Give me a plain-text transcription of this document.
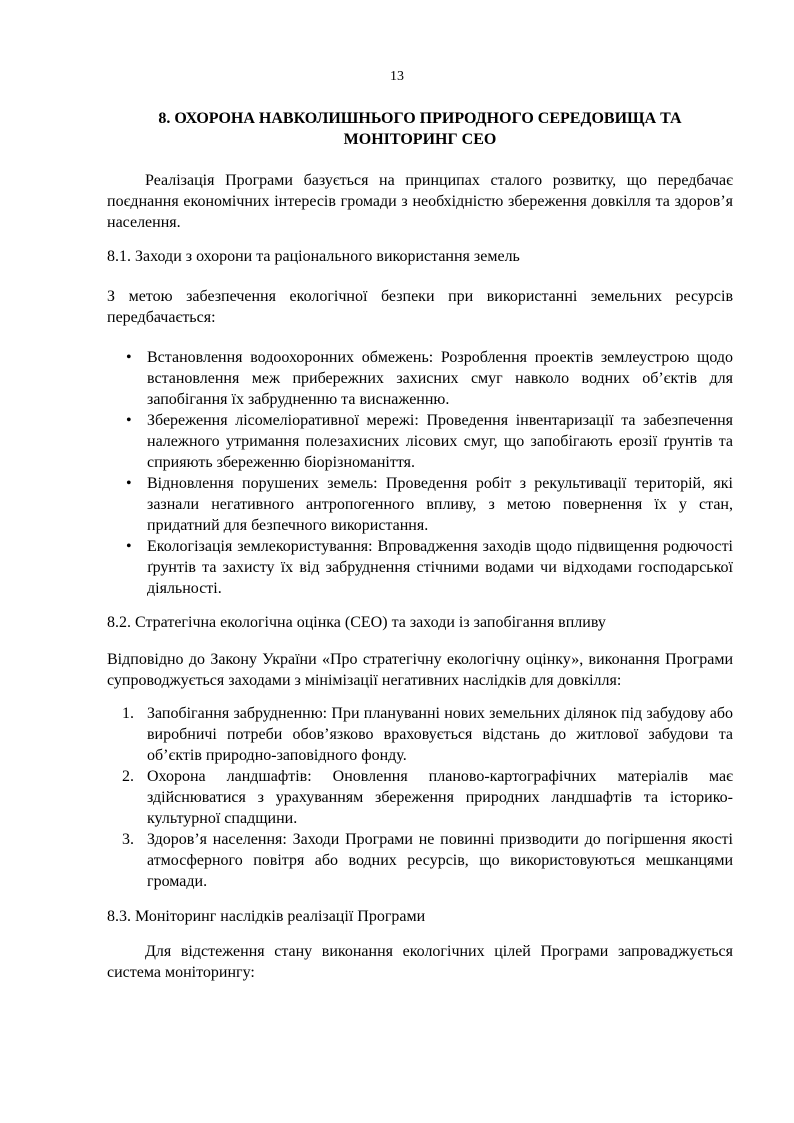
13
8. ОХОРОНА НАВКОЛИШНЬОГО ПРИРОДНОГО СЕРЕДОВИЩА ТА МОНІТОРИНГ СЕО

Реалізація Програми базується на принципах сталого розвитку, що передбачає поєднання економічних інтересів громади з необхідністю збереження довкілля та здоров’я населення.

8.1. Заходи з охорони та раціонального використання земель

З метою забезпечення екологічної безпеки при використанні земельних ресурсів передбачається:

• Встановлення водоохоронних обмежень: Розроблення проектів землеустрою щодо встановлення меж прибережних захисних смуг навколо водних об’єктів для запобігання їх забрудненню та виснаженню.
• Збереження лісомеліоративної мережі: Проведення інвентаризації та забезпечення належного утримання полезахисних лісових смуг, що запобігають ерозії ґрунтів та сприяють збереженню біорізноманіття.
• Відновлення порушених земель: Проведення робіт з рекультивації територій, які зазнали негативного антропогенного впливу, з метою повернення їх у стан, придатний для безпечного використання.
• Екологізація землекористування: Впровадження заходів щодо підвищення родючості ґрунтів та захисту їх від забруднення стічними водами чи відходами господарської діяльності.
8.2. Стратегічна екологічна оцінка (СЕО) та заходи із запобігання впливу

Відповідно до Закону України «Про стратегічну екологічну оцінку», виконання Програми супроводжується заходами з мінімізації негативних наслідків для довкілля:

Запобігання забрудненню: При плануванні нових земельних ділянок під забудову або виробничі потреби обов’язково враховується відстань до житлової забудови та об’єктів природно-заповідного фонду.
Охорона ландшафтів: Оновлення планово-картографічних матеріалів має здійснюватися з урахуванням збереження природних ландшафтів та історико-культурної спадщини.
Здоров’я населення: Заходи Програми не повинні призводити до погіршення якості атмосферного повітря або водних ресурсів, що використовуються мешканцями громади.
8.3. Моніторинг наслідків реалізації Програми

Для відстеження стану виконання екологічних цілей Програми запроваджується система моніторингу:
